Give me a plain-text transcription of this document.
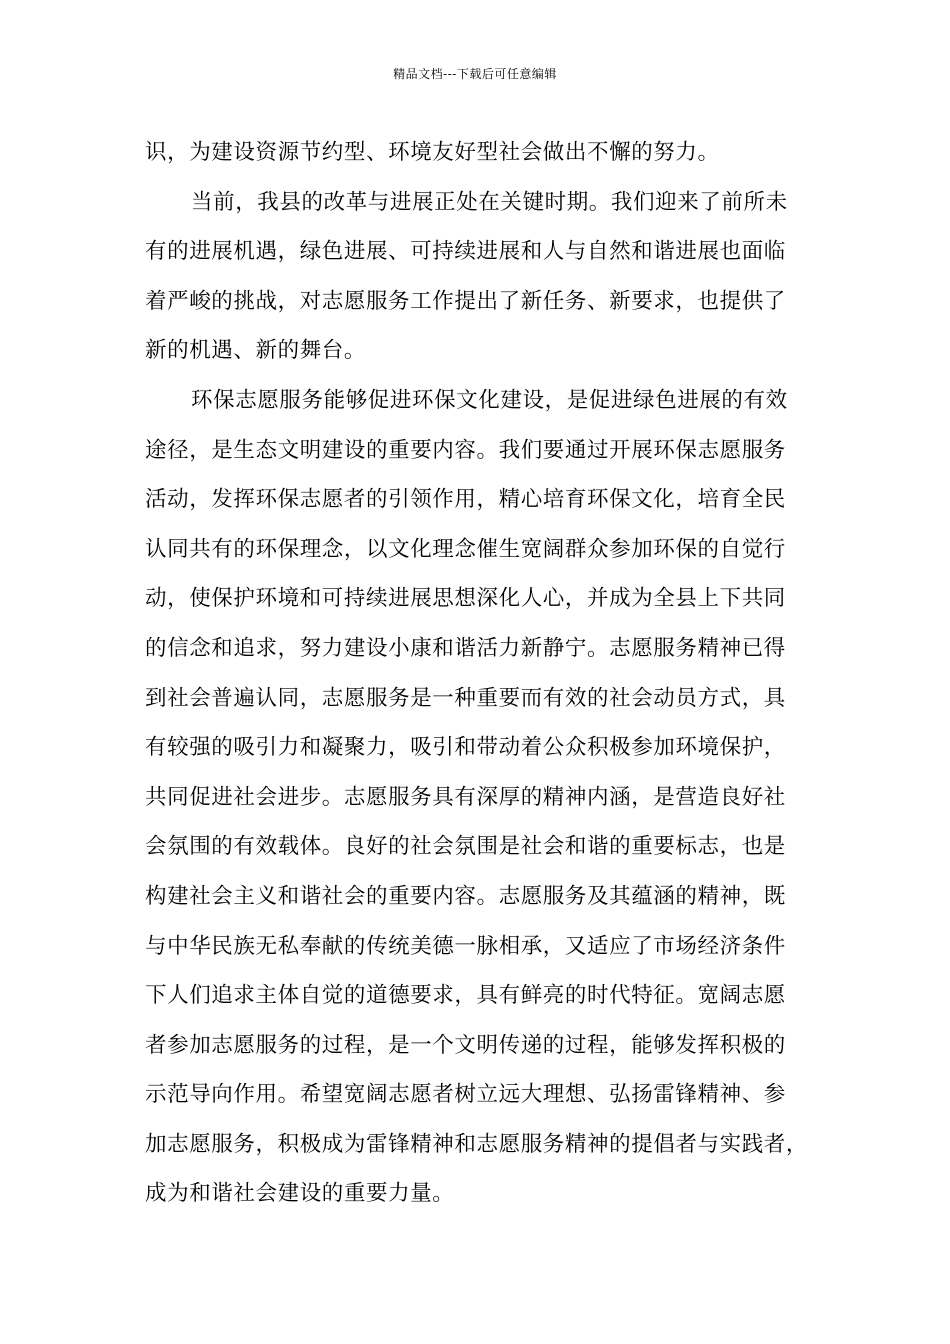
精品文档---下载后可任意编辑
识，为建设资源节约型、环境友好型社会做出不懈的努力。
当前，我县的改革与进展正处在关键时期。我们迎来了前所未
有的进展机遇，绿色进展、可持续进展和人与自然和谐进展也面临
着严峻的挑战，对志愿服务工作提出了新任务、新要求，也提供了
新的机遇、新的舞台。
环保志愿服务能够促进环保文化建设，是促进绿色进展的有效
途径，是生态文明建设的重要内容。我们要通过开展环保志愿服务
活动，发挥环保志愿者的引领作用，精心培育环保文化，培育全民
认同共有的环保理念，以文化理念催生宽阔群众参加环保的自觉行
动，使保护环境和可持续进展思想深化人心，并成为全县上下共同
的信念和追求，努力建设小康和谐活力新静宁。志愿服务精神已得
到社会普遍认同，志愿服务是一种重要而有效的社会动员方式，具
有较强的吸引力和凝聚力，吸引和带动着公众积极参加环境保护，
共同促进社会进步。志愿服务具有深厚的精神内涵，是营造良好社
会氛围的有效载体。良好的社会氛围是社会和谐的重要标志，也是
构建社会主义和谐社会的重要内容。志愿服务及其蕴涵的精神，既
与中华民族无私奉献的传统美德一脉相承，又适应了市场经济条件
下人们追求主体自觉的道德要求，具有鲜亮的时代特征。宽阔志愿
者参加志愿服务的过程，是一个文明传递的过程，能够发挥积极的
示范导向作用。希望宽阔志愿者树立远大理想、弘扬雷锋精神、参
加志愿服务，积极成为雷锋精神和志愿服务精神的提倡者与实践者，
成为和谐社会建设的重要力量。
